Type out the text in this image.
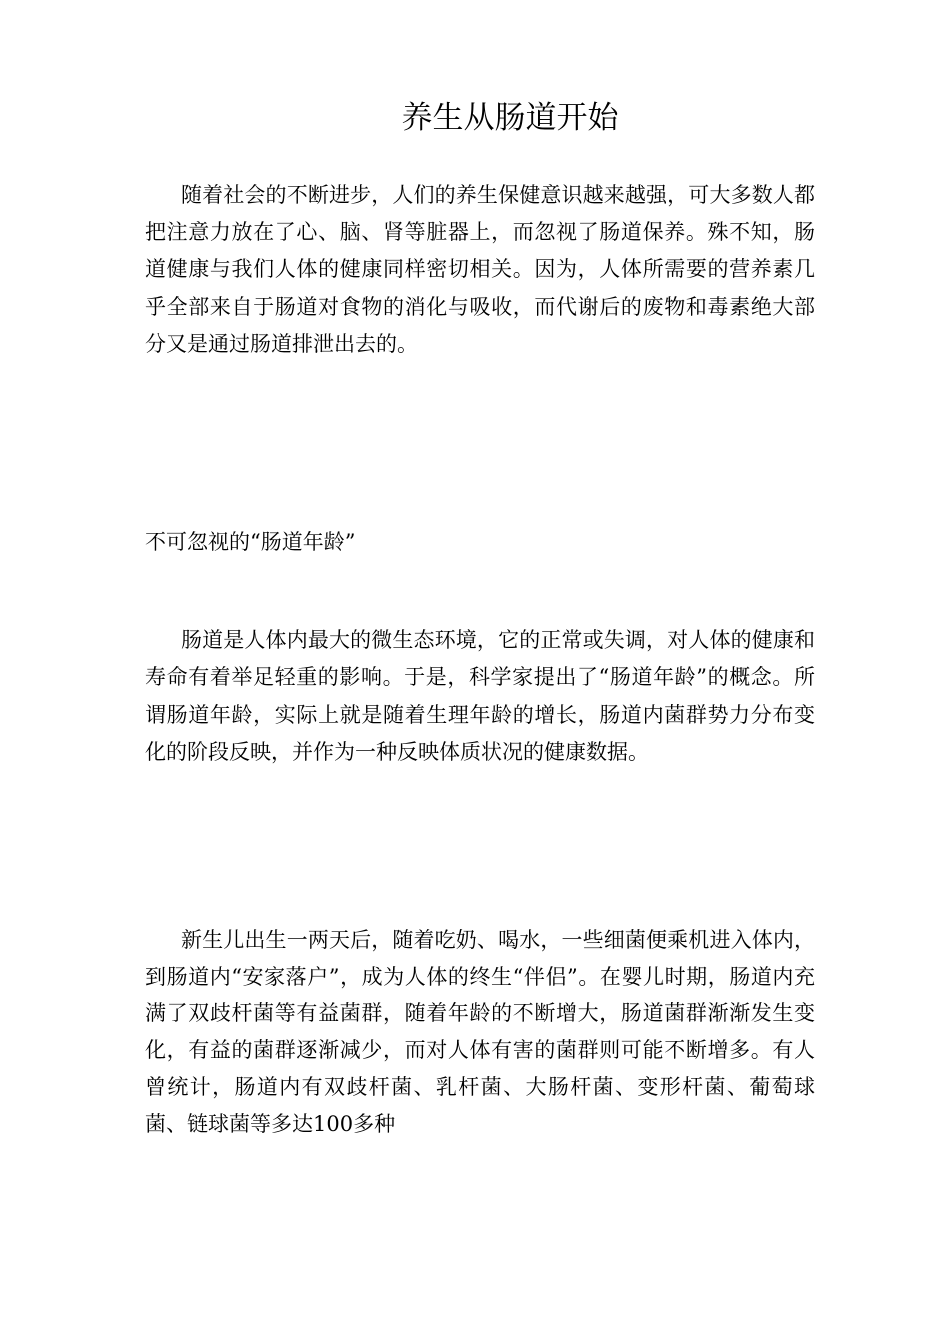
养生从肠道开始

随着社会的不断进步，人们的养生保健意识越来越强，可大多数人都把注意力放在了心、脑、肾等脏器上，而忽视了肠道保养。殊不知，肠道健康与我们人体的健康同样密切相关。因为，人体所需要的营养素几乎全部来自于肠道对食物的消化与吸收，而代谢后的废物和毒素绝大部分又是通过肠道排泄出去的。

不可忽视的“肠道年龄”

肠道是人体内最大的微生态环境，它的正常或失调，对人体的健康和寿命有着举足轻重的影响。于是，科学家提出了“肠道年龄”的概念。所谓肠道年龄，实际上就是随着生理年龄的增长，肠道内菌群势力分布变化的阶段反映，并作为一种反映体质状况的健康数据。

新生儿出生一两天后，随着吃奶、喝水，一些细菌便乘机进入体内，到肠道内“安家落户”，成为人体的终生“伴侣”。在婴儿时期，肠道内充满了双歧杆菌等有益菌群，随着年龄的不断增大，肠道菌群渐渐发生变化，有益的菌群逐渐减少，而对人体有害的菌群则可能不断增多。有人曾统计，肠道内有双歧杆菌、乳杆菌、大肠杆菌、变形杆菌、葡萄球菌、链球菌等多达100多种
